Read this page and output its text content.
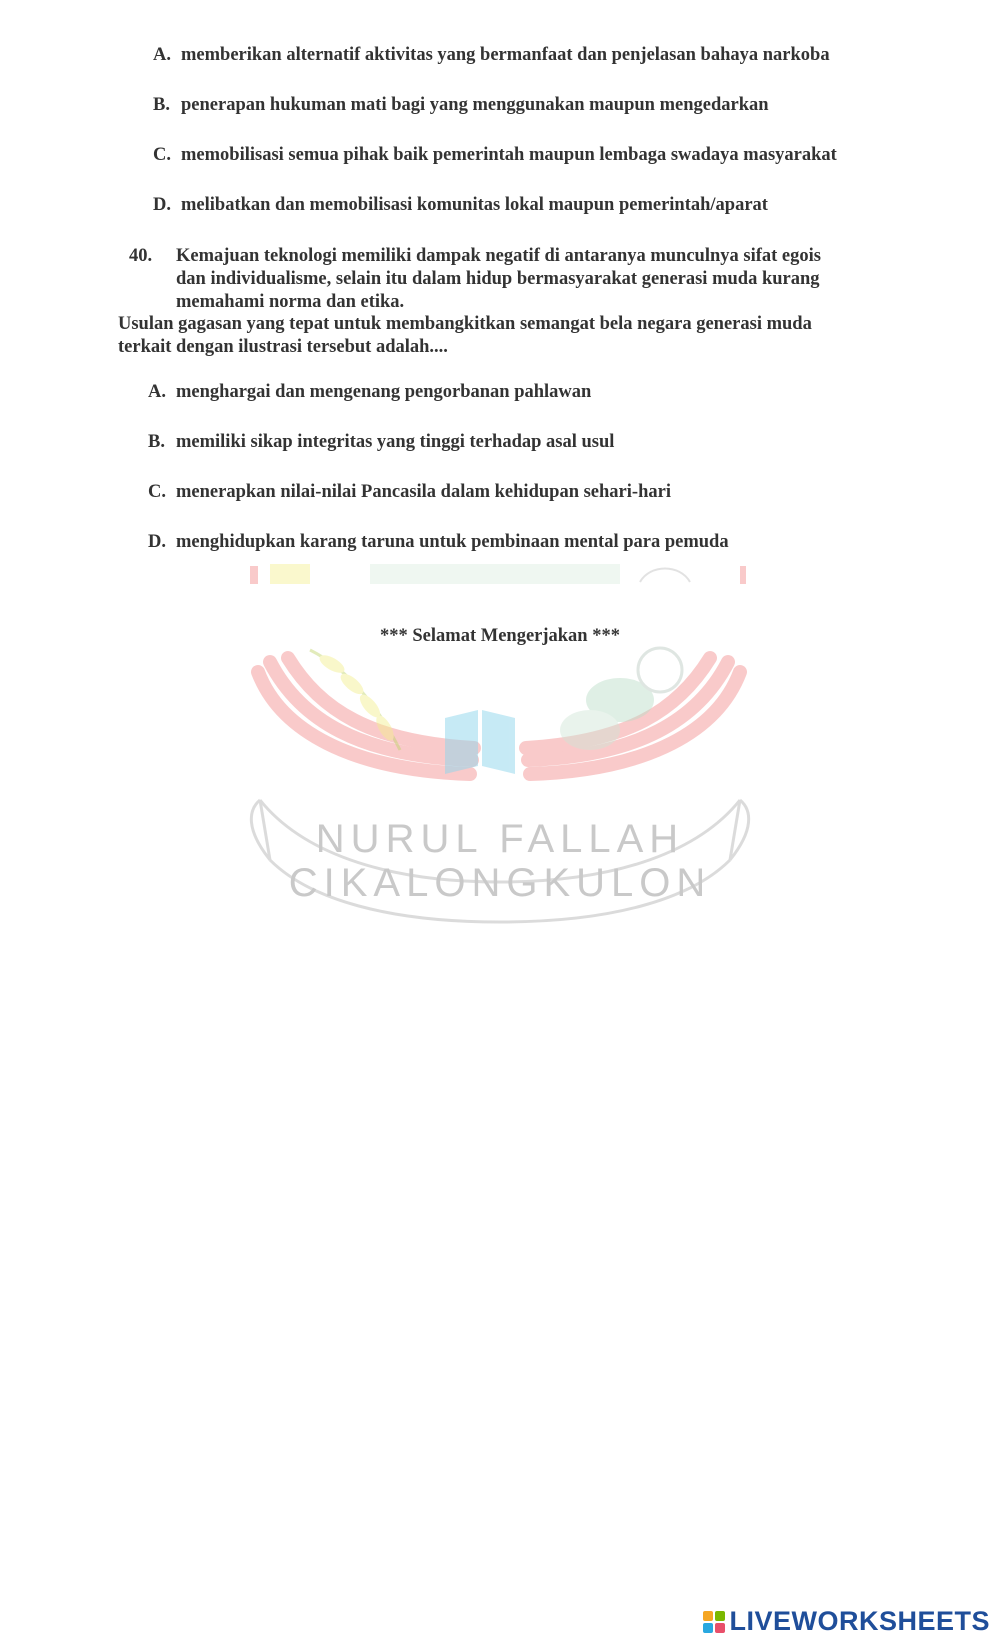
NURUL FALLAH
CIKALONGKULON
A. memberikan alternatif aktivitas yang bermanfaat dan penjelasan bahaya narkoba
B. penerapan hukuman mati bagi yang menggunakan maupun mengedarkan
C. memobilisasi semua pihak baik pemerintah maupun lembaga swadaya masyarakat
D. melibatkan dan memobilisasi komunitas lokal maupun pemerintah/aparat
40. Kemajuan teknologi memiliki dampak negatif di antaranya munculnya sifat egois
dan individualisme, selain itu dalam hidup bermasyarakat generasi muda kurang
memahami norma dan etika.
Usulan gagasan yang tepat untuk membangkitkan semangat bela negara generasi muda
terkait dengan ilustrasi tersebut adalah....
A. menghargai dan mengenang pengorbanan pahlawan
B. memiliki sikap integritas yang tinggi terhadap asal usul
C. menerapkan nilai-nilai Pancasila dalam kehidupan sehari-hari
D. menghidupkan karang taruna untuk pembinaan mental para pemuda
*** Selamat Mengerjakan ***
LIVEWORKSHEETS
